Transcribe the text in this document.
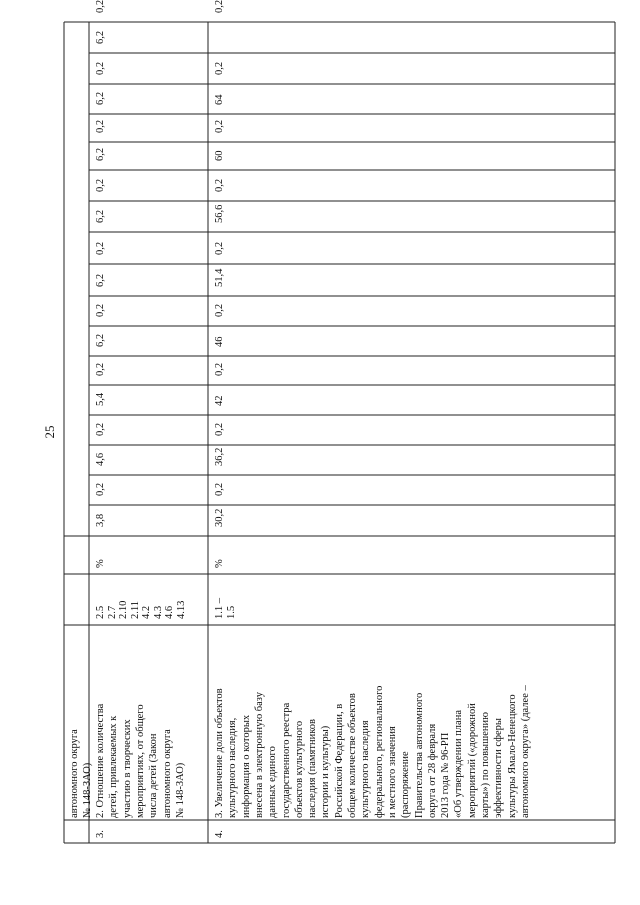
25
автономного округа № 148-ЗАО)
3.
2. Отношение количества детей, привлекаемых к участию в творческих мероприятиях, от общего числа детей (Закон автономного округа № 148-ЗАО)
2.5 2.7 2.10 2.11 4.2 4.3 4.6 4.13
%
3,8
0,2
4,6
0,2
5,4
0,2
6,2
0,2
6,2
0,2
6,2
0,2
6,2
0,2
6,2
0,2
6,2
0,2
4.
3. Увеличение доли объектов культурного наследия, информация о которых внесена в электронную базу данных единого государственного реестра объектов культурного наследия (памятников истории и культуры) Российской Федерации, в общем количестве объектов культурного наследия федерального, регионального и местного значения (распоряжение Правительства автономного округа от 28 февраля 2013 года № 96-РП «Об утверждении плана мероприятий («дорожной карты») по повышению эффективности сферы культуры Ямало-Ненецкого автономного округа» (далее –
1.1 – 1.5
%
30,2
0,2
36,2
0,2
42
0,2
46
0,2
51,4
0,2
56,6
0,2
60
0,2
64
0,2
0,2
